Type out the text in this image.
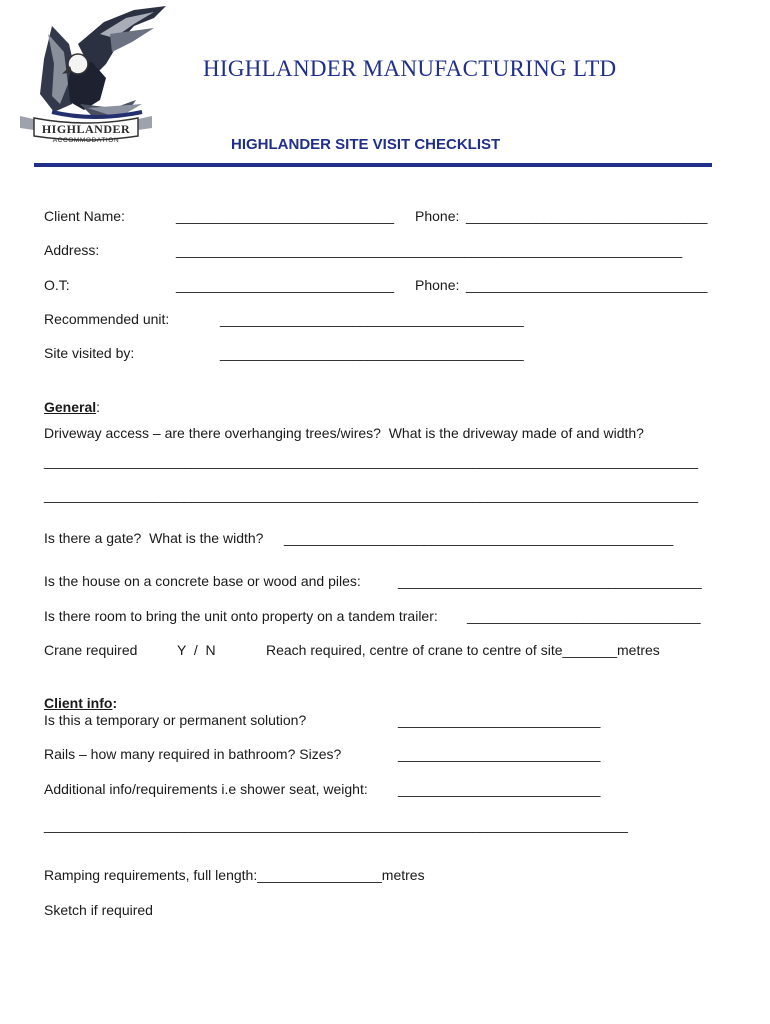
HIGHLANDER
ACCOMMODATION
HIGHLANDER MANUFACTURING LTD
HIGHLANDER SITE VISIT CHECKLIST
Client Name:	____________________________ Phone: _______________________________
Address:	_________________________________________________________________
O.T:	____________________________ Phone: _______________________________
Recommended unit:	_______________________________________
Site visited by:	_______________________________________
General:
Driveway access – are there overhanging trees/wires?  What is the driveway made of and width?
____________________________________________________________________________________
____________________________________________________________________________________
Is there a gate?  What is the width? __________________________________________________
Is the house on a concrete base or wood and piles:	_______________________________________
Is there room to bring the unit onto property on a tandem trailer: ______________________________
Crane required	Y  /  N	Reach required, centre of crane to centre of site_______metres
Client info:
Is this a temporary or permanent solution?	__________________________
Rails – how many required in bathroom? Sizes?	__________________________
Additional info/requirements i.e shower seat, weight: __________________________
___________________________________________________________________________
Ramping requirements, full length:________________metres
Sketch if required
